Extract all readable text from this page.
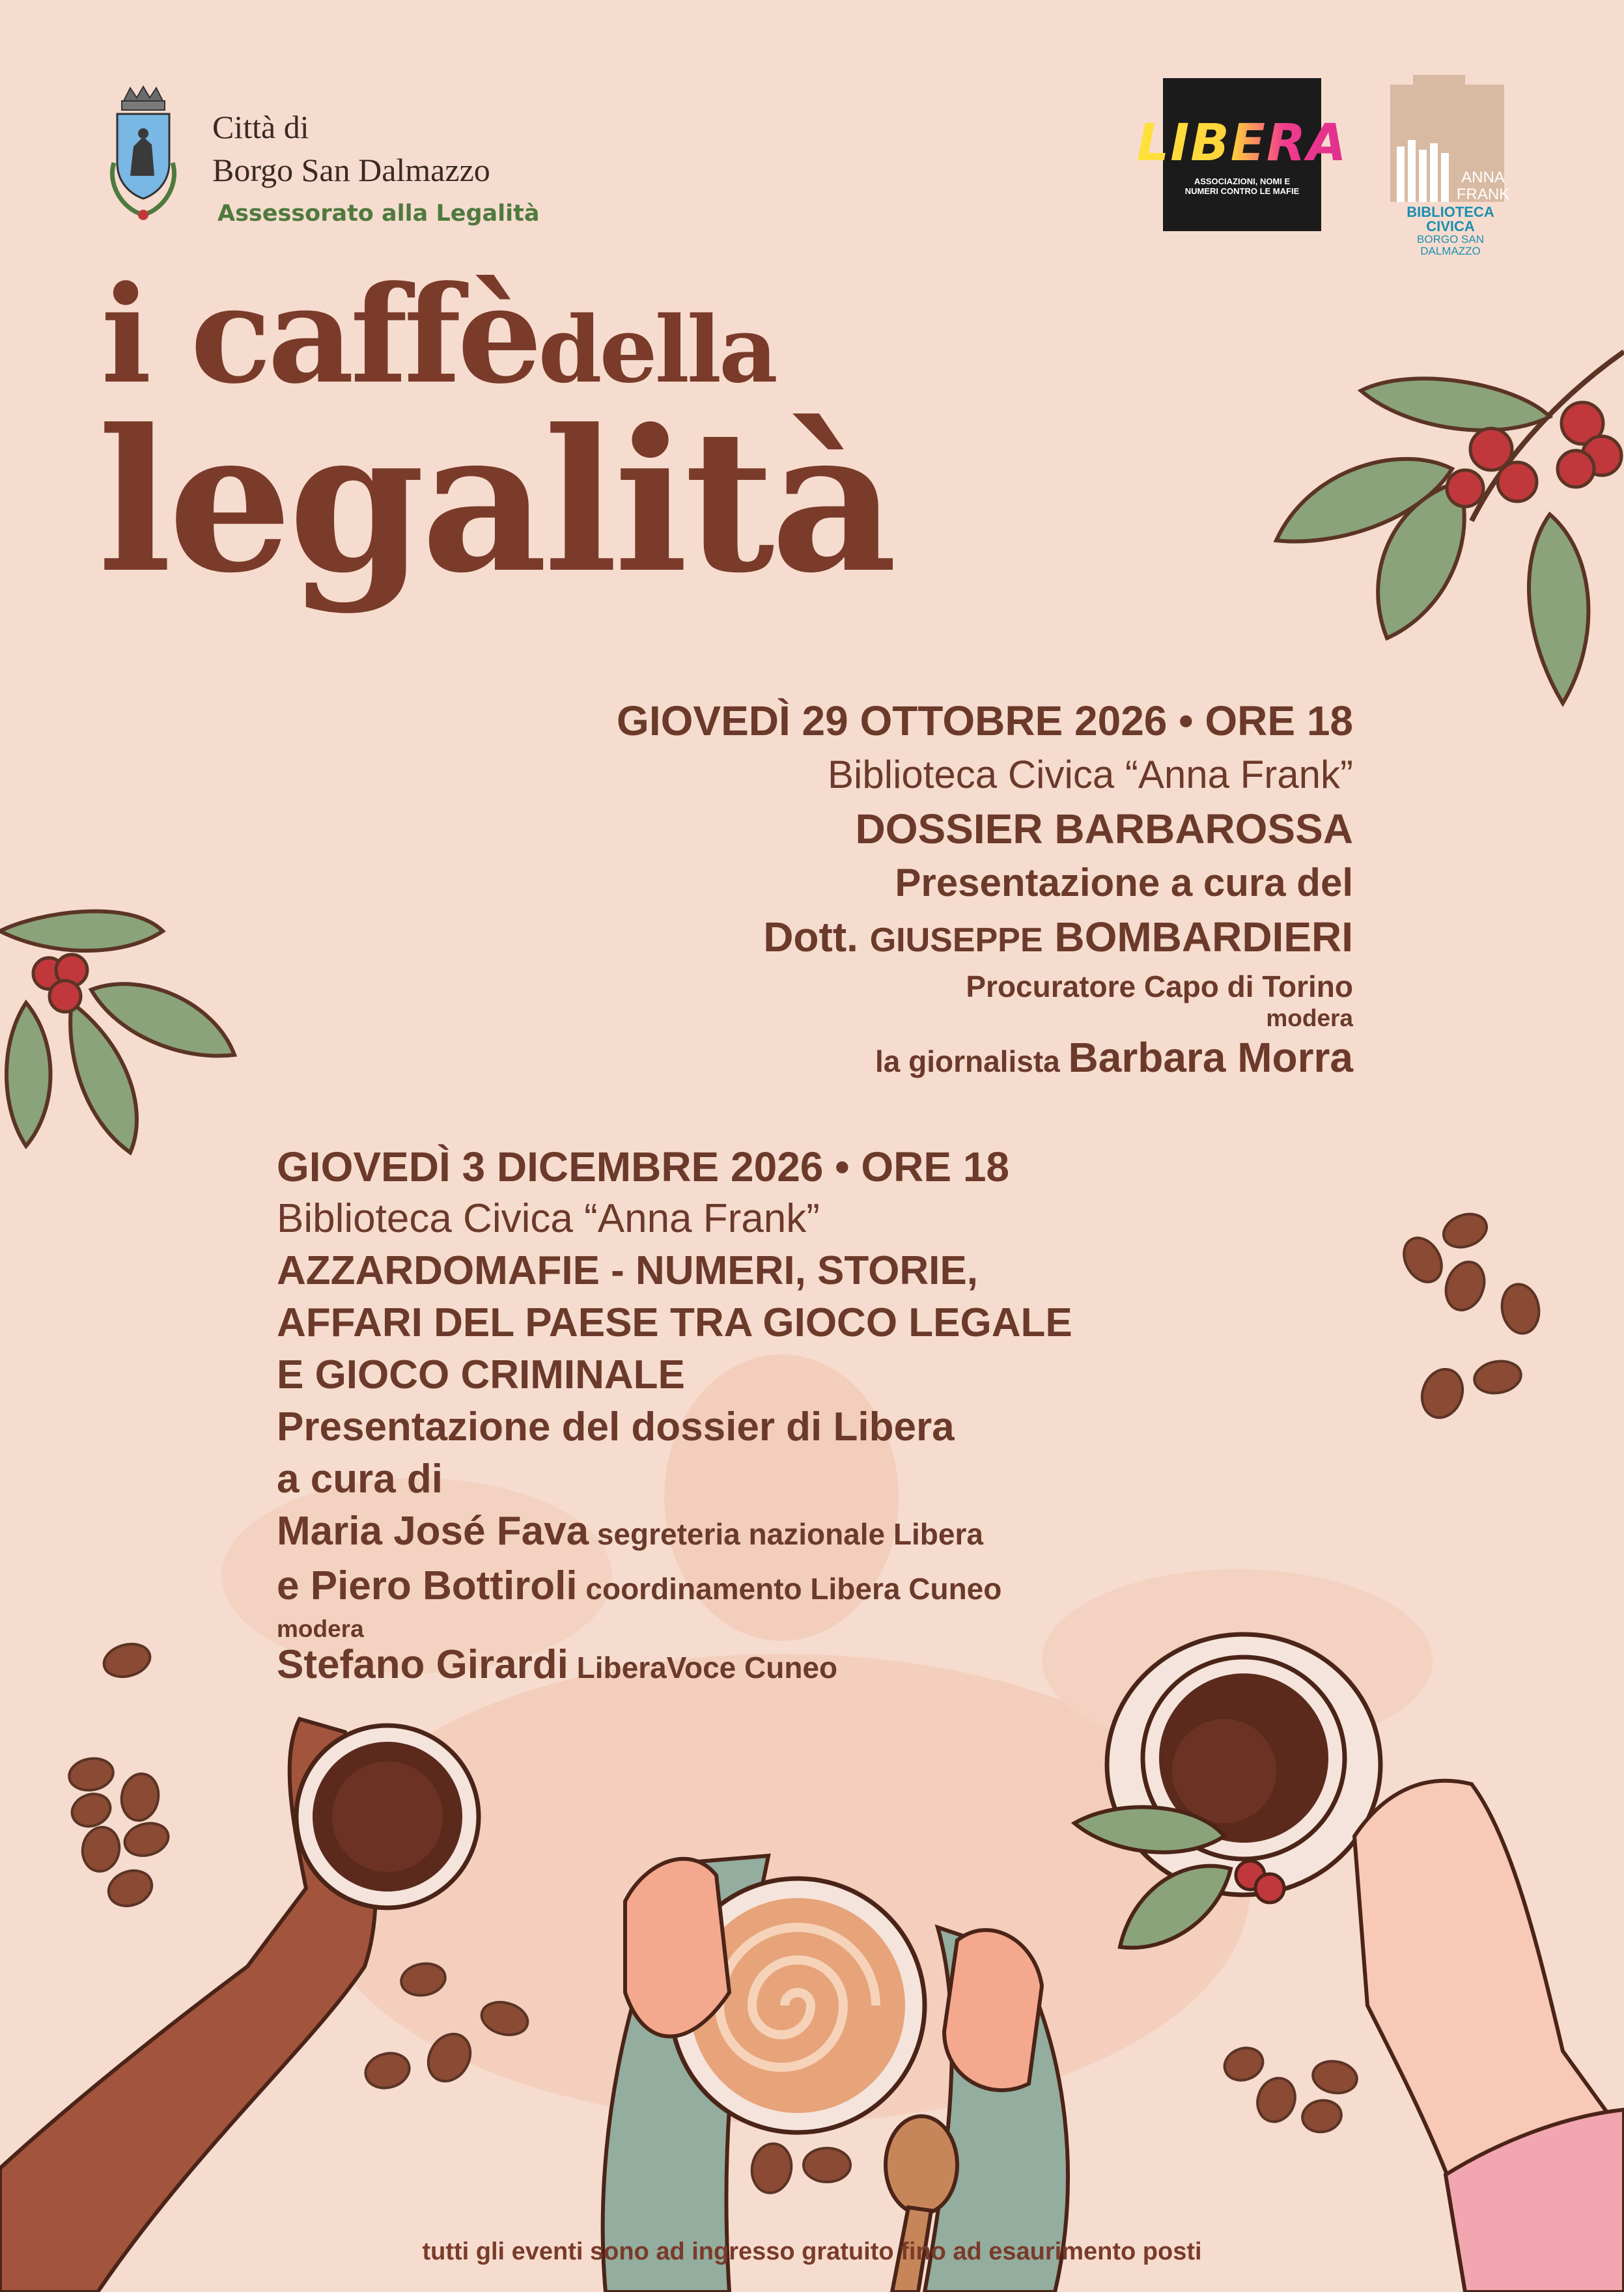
Città di
Borgo San Dalmazzo
Assessorato alla Legalità
LIBERA
ASSOCIAZIONI, NOMI E NUMERI CONTRO LE MAFIE
ANNA FRANK
BIBLIOTECA CIVICA
BORGO SAN DALMAZZO
i caffèdella
legalità
GIOVEDÌ 29 OTTOBRE 2026 • ORE 18
Biblioteca Civica “Anna Frank”
DOSSIER BARBAROSSA
Presentazione a cura del
Dott. GIUSEPPE BOMBARDIERI
Procuratore Capo di Torino
modera
la giornalista Barbara Morra
GIOVEDÌ 3 DICEMBRE 2026 • ORE 18
Biblioteca Civica “Anna Frank”
AZZARDOMAFIE - NUMERI, STORIE,
AFFARI DEL PAESE TRA GIOCO LEGALE
E GIOCO CRIMINALE
Presentazione del dossier di Libera
a cura di
Maria José Fava segreteria nazionale Libera
e Piero Bottiroli coordinamento Libera Cuneo
modera
Stefano Girardi LiberaVoce Cuneo
tutti gli eventi sono ad ingresso gratuito fino ad esaurimento posti
